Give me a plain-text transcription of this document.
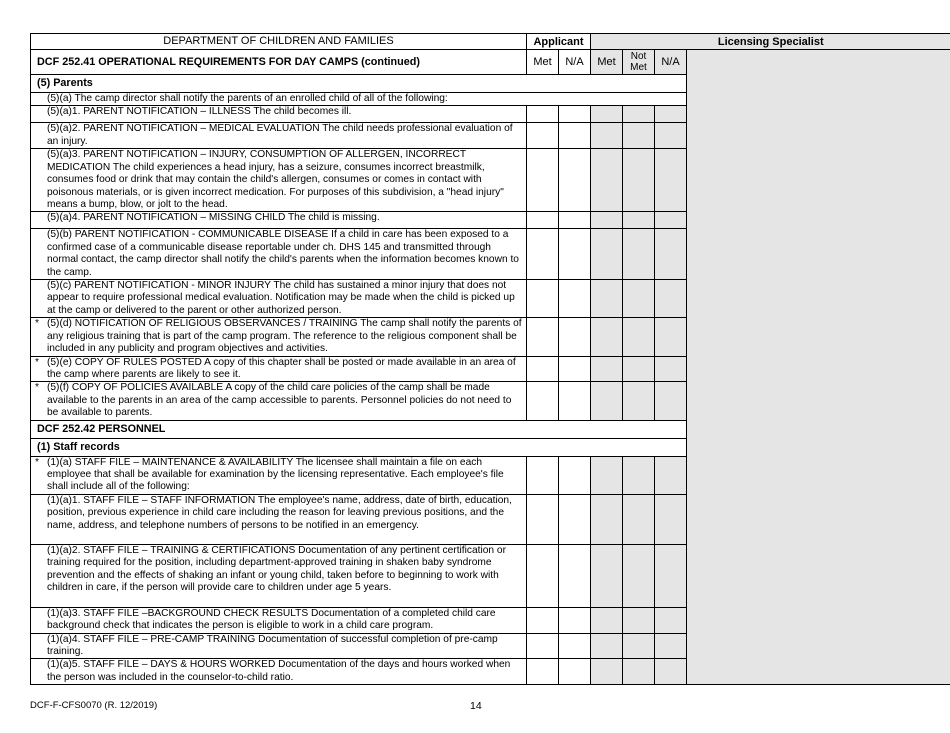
DEPARTMENT OF CHILDREN AND FAMILIES	Applicant		Licensing Specialist			
DCF 252.41 OPERATIONAL REQUIREMENTS FOR DAY CAMPS (continued)	Met	N/A	Met	Not Met	N/A	
(5) Parents						
(5)(a) The camp director shall notify the parents of an enrolled child of all of the following:						

(5)(a)1. PARENT NOTIFICATION – ILLNESS The child becomes ill.						

(5)(a)2. PARENT NOTIFICATION – MEDICAL EVALUATION The child needs professional evaluation of an injury.						

(5)(a)3. PARENT NOTIFICATION – INJURY, CONSUMPTION OF ALLERGEN, INCORRECT MEDICATION The child experiences a head injury, has a seizure, consumes incorrect breastmilk, consumes food or drink that may contain the child's allergen, consumes or comes in contact with poisonous materials, or is given incorrect medication. For purposes of this subdivision, a "head injury" means a bump, blow, or jolt to the head.						

(5)(a)4. PARENT NOTIFICATION – MISSING CHILD The child is missing.						

(5)(b) PARENT NOTIFICATION - COMMUNICABLE DISEASE If a child in care has been exposed to a confirmed case of a communicable disease reportable under ch. DHS 145 and transmitted through normal contact, the camp director shall notify the child's parents when the information becomes known to the camp.						

(5)(c) PARENT NOTIFICATION - MINOR INJURY The child has sustained a minor injury that does not appear to require professional medical evaluation. Notification may be made when the child is picked up at the camp or delivered to the parent or other authorized person.						

* (5)(d) NOTIFICATION OF RELIGIOUS OBSERVANCES / TRAINING The camp shall notify the parents of any religious training that is part of the camp program. The reference to the religious component shall be included in any publicity and program objectives and activities.						

* (5)(e) COPY OF RULES POSTED A copy of this chapter shall be posted or made available in an area of the camp where parents are likely to see it.						

* (5)(f) COPY OF POLICIES AVAILABLE A copy of the child care policies of the camp shall be made available to the parents in an area of the camp accessible to parents. Personnel policies do not need to be available to parents.						
DCF 252.42 PERSONNEL						
(1) Staff records						

* (1)(a) STAFF FILE – MAINTENANCE & AVAILABILITY The licensee shall maintain a file on each employee that shall be available for examination by the licensing representative. Each employee's file shall include all of the following:						

(1)(a)1. STAFF FILE – STAFF INFORMATION The employee's name, address, date of birth, education, position, previous experience in child care including the reason for leaving previous positions, and the name, address, and telephone numbers of persons to be notified in an emergency.						

(1)(a)2. STAFF FILE – TRAINING & CERTIFICATIONS Documentation of any pertinent certification or training required for the position, including department-approved training in shaken baby syndrome prevention and the effects of shaking an infant or young child, taken before to beginning to work with children in care, if the person will provide care to children under age 5 years.						

(1)(a)3. STAFF FILE –BACKGROUND CHECK RESULTS Documentation of a completed child care background check that indicates the person is eligible to work in a child care program.						

(1)(a)4. STAFF FILE – PRE-CAMP TRAINING Documentation of successful completion of pre-camp training.						

(1)(a)5. STAFF FILE – DAYS & HOURS WORKED Documentation of the days and hours worked when the person was included in the counselor-to-child ratio.						
DCF-F-CFS0070 (R. 12/2019)	14
